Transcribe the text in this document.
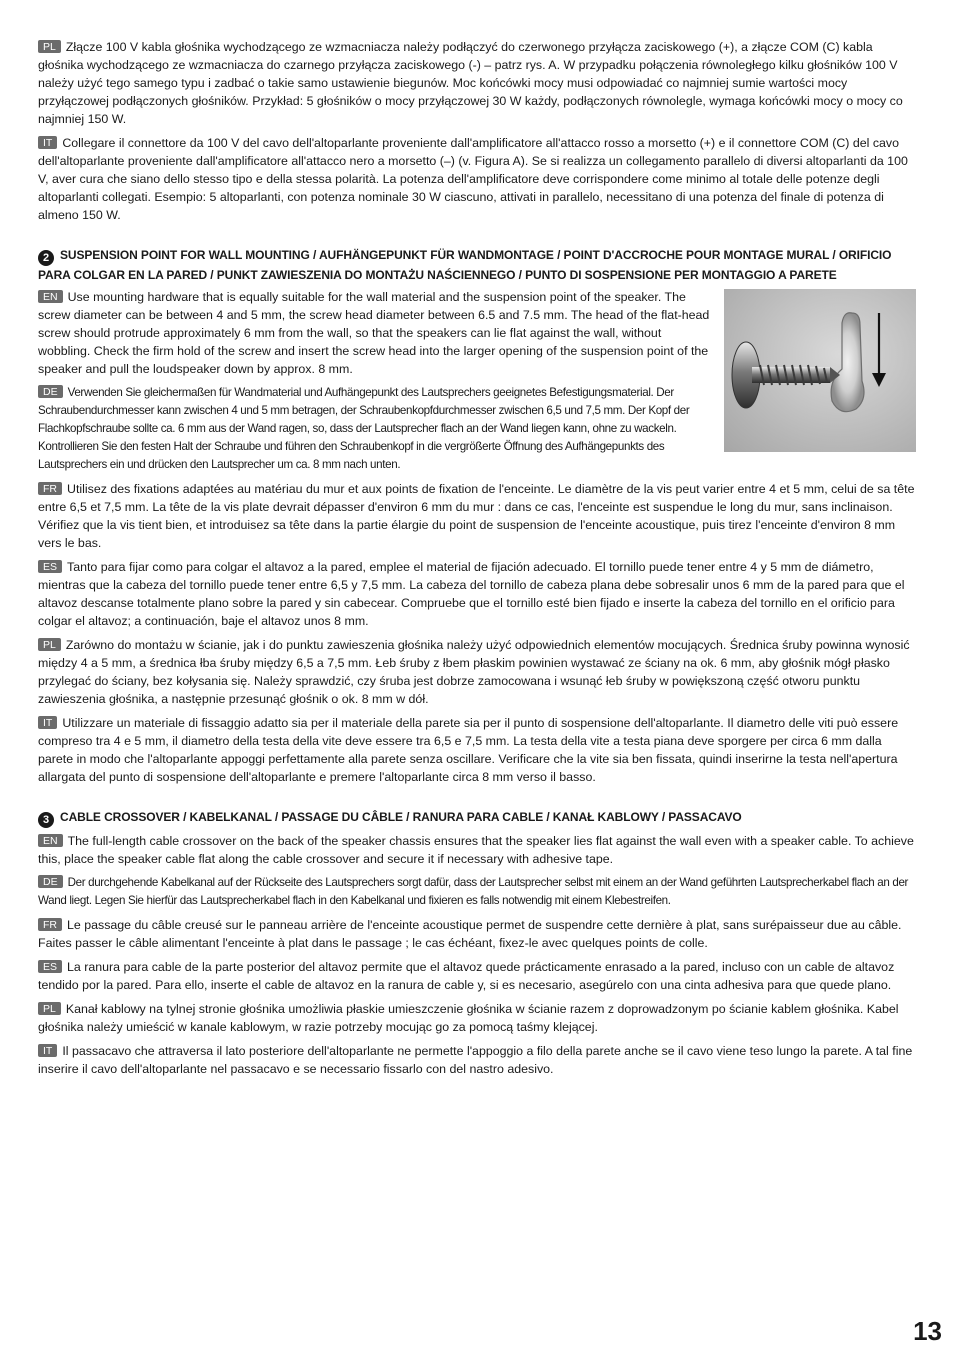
PL Złącze 100 V kabla głośnika wychodzącego ze wzmacniacza należy podłączyć do czerwonego przyłącza zaciskowego (+), a złącze COM (C) kabla głośnika wychodzącego ze wzmacniacza do czarnego przyłącza zaciskowego (-) – patrz rys. A. W przypadku połączenia równoległego kilku głośników 100 V należy użyć tego samego typu i zadbać o takie samo ustawienie biegunów. Moc końcówki mocy musi odpowiadać co najmniej sumie wartości mocy przyłączowej podłączonych głośników. Przykład: 5 głośników o mocy przyłączowej 30 W każdy, podłączonych równolegle, wymaga końcówki mocy o mocy co najmniej 150 W.

IT Collegare il connettore da 100 V del cavo dell'altoparlante proveniente dall'amplificatore all'attacco rosso a morsetto (+) e il connettore COM (C) del cavo dell'altoparlante proveniente dall'amplificatore all'attacco nero a morsetto (–) (v. Figura A). Se si realizza un collegamento parallelo di diversi altoparlanti da 100 V, aver cura che siano dello stesso tipo e della stessa polarità. La potenza dell'amplificatore deve corrispondere come minimo al totale delle potenze degli altoparlanti collegati. Esempio: 5 altoparlanti, con potenza nominale 30 W ciascuno, attivati in parallelo, necessitano di una potenza del finale di potenza di almeno 150 W.

2 SUSPENSION POINT FOR WALL MOUNTING / AUFHÄNGEPUNKT FÜR WANDMONTAGE / POINT D'ACCROCHE POUR MONTAGE MURAL / ORIFICIO PARA COLGAR EN LA PARED / PUNKT ZAWIESZENIA DO MONTAŻU NAŚCIENNEGO / PUNTO DI SOSPENSIONE PER MONTAGGIO A PARETE

EN Use mounting hardware that is equally suitable for the wall material and the suspension point of the speaker. The screw diameter can be between 4 and 5 mm, the screw head diameter between 6.5 and 7.5 mm. The head of the flat-head screw should protrude approximately 6 mm from the wall, so that the speakers can lie flat against the wall, without wobbling. Check the firm hold of the screw and insert the screw head into the larger opening of the suspension point of the speaker and pull the loudspeaker down by approx. 8 mm.

DE Verwenden Sie gleichermaßen für Wandmaterial und Aufhängepunkt des Lautsprechers geeignetes Befestigungsmaterial. Der Schraubendurchmesser kann zwischen 4 und 5 mm betragen, der Schraubenkopfdurchmesser zwischen 6,5 und 7,5 mm. Der Kopf der Flachkopfschraube sollte ca. 6 mm aus der Wand ragen, so, dass der Lautsprecher flach an der Wand liegen kann, ohne zu wackeln. Kontrollieren Sie den festen Halt der Schraube und führen den Schraubenkopf in die vergrößerte Öffnung des Aufhängepunkts des Lautsprechers ein und drücken den Lautsprecher um ca. 8 mm nach unten.

FR Utilisez des fixations adaptées au matériau du mur et aux points de fixation de l'enceinte. Le diamètre de la vis peut varier entre 4 et 5 mm, celui de sa tête entre 6,5 et 7,5 mm. La tête de la vis plate devrait dépasser d'environ 6 mm du mur : dans ce cas, l'enceinte est suspendue le long du mur, sans inclinaison. Vérifiez que la vis tient bien, et introduisez sa tête dans la partie élargie du point de suspension de l'enceinte acoustique, puis tirez l'enceinte d'environ 8 mm vers le bas.

ES Tanto para fijar como para colgar el altavoz a la pared, emplee el material de fijación adecuado. El tornillo puede tener entre 4 y 5 mm de diámetro, mientras que la cabeza del tornillo puede tener entre 6,5 y 7,5 mm. La cabeza del tornillo de cabeza plana debe sobresalir unos 6 mm de la pared para que el altavoz descanse totalmente plano sobre la pared y sin cabecear. Compruebe que el tornillo esté bien fijado e inserte la cabeza del tornillo en el orificio para colgar el altavoz; a continuación, baje el altavoz unos 8 mm.

PL Zarówno do montażu w ścianie, jak i do punktu zawieszenia głośnika należy użyć odpowiednich elementów mocujących. Średnica śruby powinna wynosić między 4 a 5 mm, a średnica łba śruby między 6,5 a 7,5 mm. Łeb śruby z łbem płaskim powinien wystawać ze ściany na ok. 6 mm, aby głośnik mógł płasko przylegać do ściany, bez kołysania się. Należy sprawdzić, czy śruba jest dobrze zamocowana i wsunąć łeb śruby w powiększoną część otworu punktu zawieszenia głośnika, a następnie przesunąć głośnik o ok. 8 mm w dół.

IT Utilizzare un materiale di fissaggio adatto sia per il materiale della parete sia per il punto di sospensione dell'altoparlante. Il diametro delle viti può essere compreso tra 4 e 5 mm, il diametro della testa della vite deve essere tra 6,5 e 7,5 mm. La testa della vite a testa piana deve sporgere per circa 6 mm dalla parete in modo che l'altoparlante appoggi perfettamente alla parete senza oscillare. Verificare che la vite sia ben fissata, quindi inserirne la testa nell'apertura allargata del punto di sospensione dell'altoparlante e premere l'altoparlante circa 8 mm verso il basso.

3 CABLE CROSSOVER / KABELKANAL / PASSAGE DU CÂBLE / RANURA PARA CABLE / KANAŁ KABLOWY / PASSACAVO

EN The full-length cable crossover on the back of the speaker chassis ensures that the speaker lies flat against the wall even with a speaker cable. To achieve this, place the speaker cable flat along the cable crossover and secure it if necessary with adhesive tape.

DE Der durchgehende Kabelkanal auf der Rückseite des Lautsprechers sorgt dafür, dass der Lautsprecher selbst mit einem an der Wand geführten Lautsprecherkabel flach an der Wand liegt. Legen Sie hierfür das Lautsprecherkabel flach in den Kabelkanal und fixieren es falls notwendig mit einem Klebestreifen.

FR Le passage du câble creusé sur le panneau arrière de l'enceinte acoustique permet de suspendre cette dernière à plat, sans surépaisseur due au câble. Faites passer le câble alimentant l'enceinte à plat dans le passage ; le cas échéant, fixez-le avec quelques points de colle.

ES La ranura para cable de la parte posterior del altavoz permite que el altavoz quede prácticamente enrasado a la pared, incluso con un cable de altavoz tendido por la pared. Para ello, inserte el cable de altavoz en la ranura de cable y, si es necesario, asegúrelo con una cinta adhesiva para que quede plano.

PL Kanał kablowy na tylnej stronie głośnika umożliwia płaskie umieszczenie głośnika w ścianie razem z doprowadzonym po ścianie kablem głośnika. Kabel głośnika należy umieścić w kanale kablowym, w razie potrzeby mocując go za pomocą taśmy klejącej.

IT Il passacavo che attraversa il lato posteriore dell'altoparlante ne permette l'appoggio a filo della parete anche se il cavo viene teso lungo la parete. A tal fine inserire il cavo dell'altoparlante nel passacavo e se necessario fissarlo con del nastro adesivo.

13
